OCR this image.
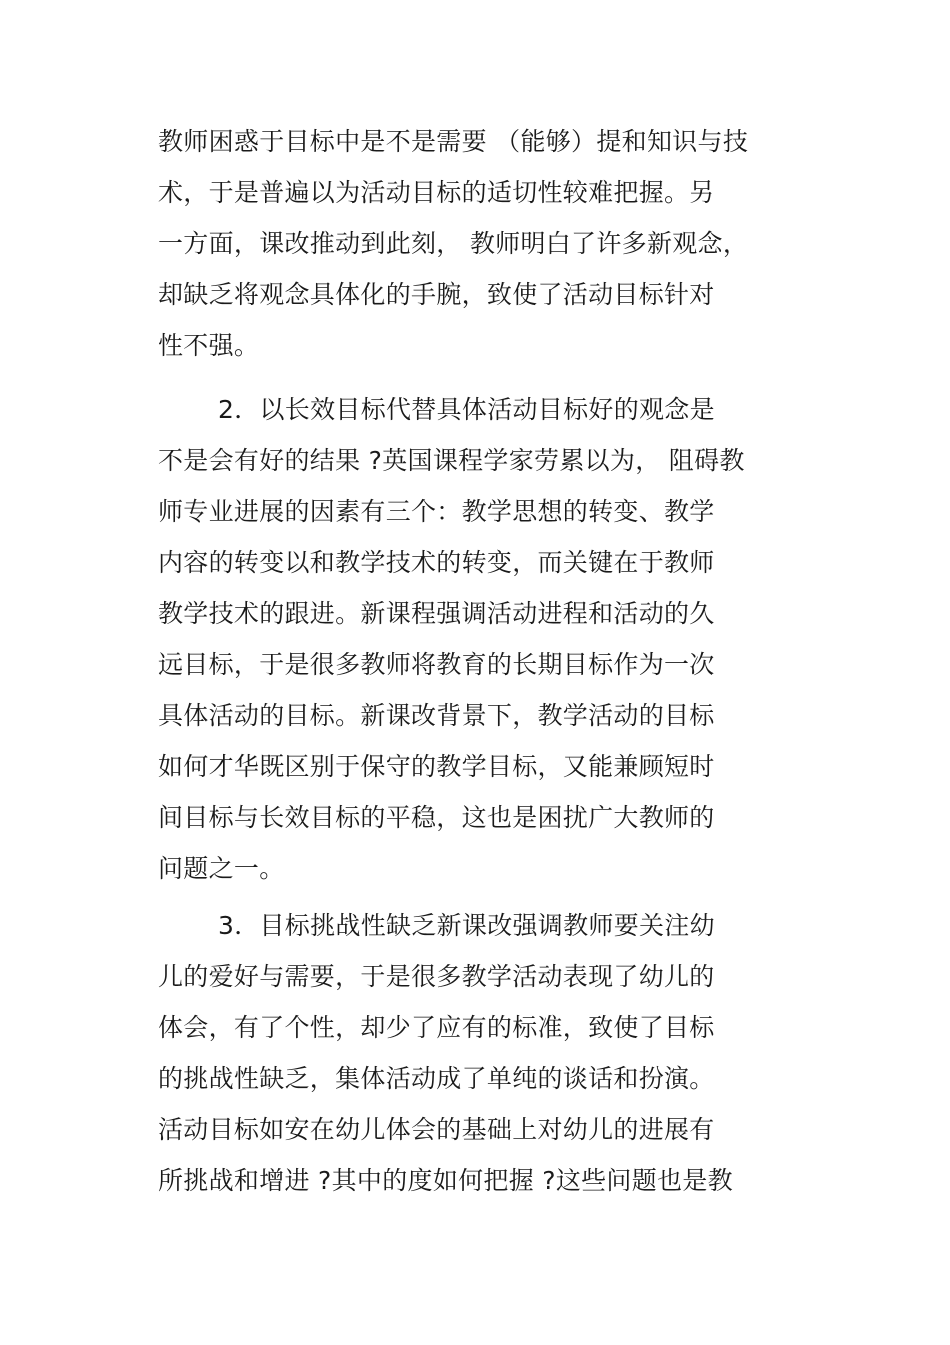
教师困惑于目标中是不是需要 （能够）提和知识与技
术，于是普遍以为活动目标的适切性较难把握。另
一方面，课改推动到此刻， 教师明白了许多新观念，
却缺乏将观念具体化的手腕，致使了活动目标针对
性不强。
2．以长效目标代替具体活动目标好的观念是
不是会有好的结果 ?英国课程学家劳累以为， 阻碍教
师专业进展的因素有三个：教学思想的转变、教学
内容的转变以和教学技术的转变，而关键在于教师
教学技术的跟进。新课程强调活动进程和活动的久
远目标，于是很多教师将教育的长期目标作为一次
具体活动的目标。新课改背景下，教学活动的目标
如何才华既区别于保守的教学目标，又能兼顾短时
间目标与长效目标的平稳，这也是困扰广大教师的
问题之一。
3．目标挑战性缺乏新课改强调教师要关注幼
儿的爱好与需要，于是很多教学活动表现了幼儿的
体会，有了个性，却少了应有的标准，致使了目标
的挑战性缺乏，集体活动成了单纯的谈话和扮演。
活动目标如安在幼儿体会的基础上对幼儿的进展有
所挑战和增进 ?其中的度如何把握 ?这些问题也是教
